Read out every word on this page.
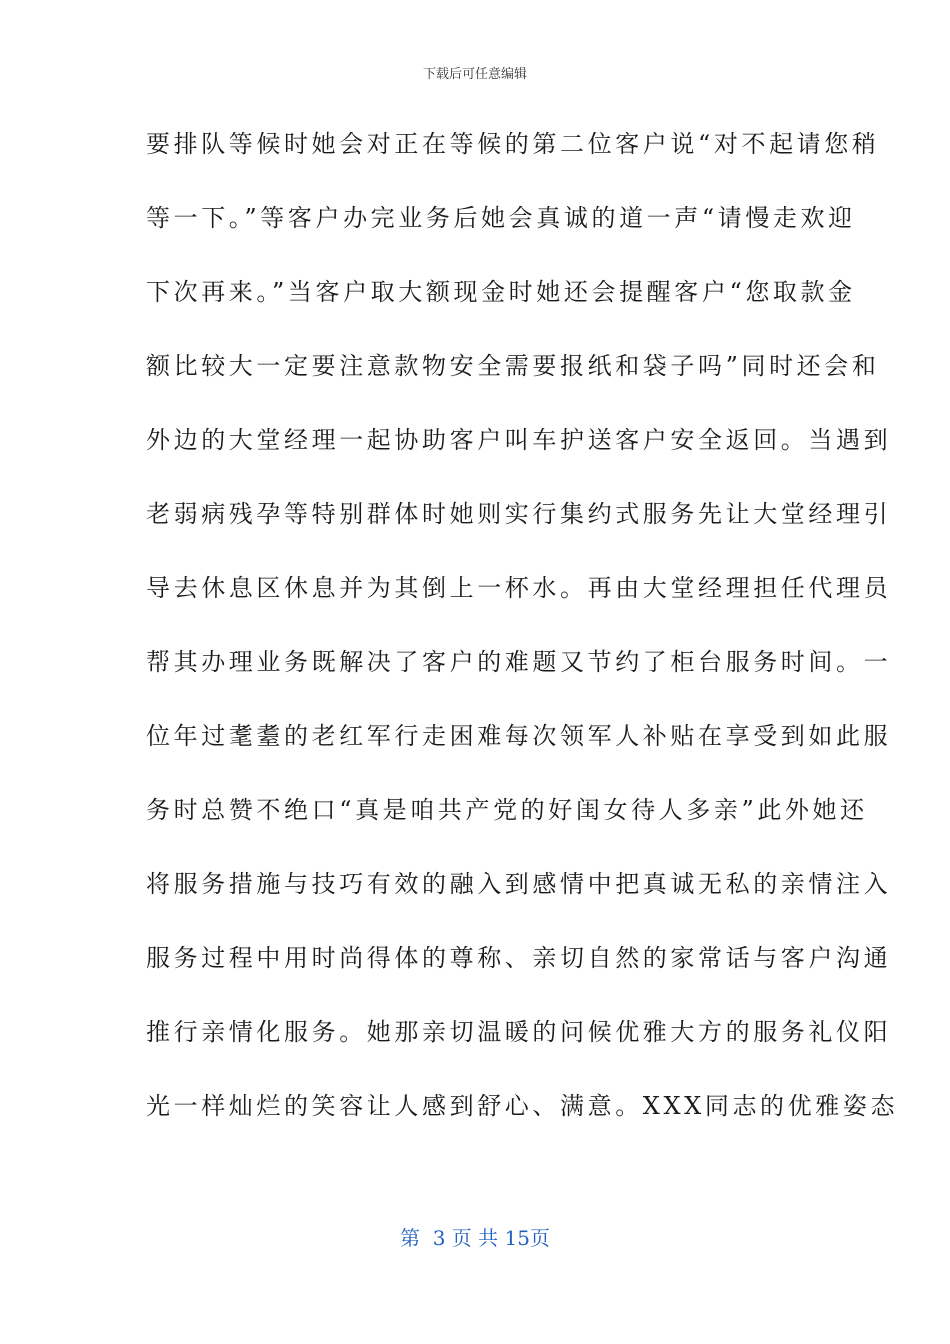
下载后可任意编辑
要排队等候时她会对正在等候的第二位客户说“对不起请您稍
等一下。”等客户办完业务后她会真诚的道一声“请慢走欢迎
下次再来。”当客户取大额现金时她还会提醒客户“您取款金
额比较大一定要注意款物安全需要报纸和袋子吗”同时还会和
外边的大堂经理一起协助客户叫车护送客户安全返回。当遇到
老弱病残孕等特别群体时她则实行集约式服务先让大堂经理引
导去休息区休息并为其倒上一杯水。再由大堂经理担任代理员
帮其办理业务既解决了客户的难题又节约了柜台服务时间。一
位年过耄耋的老红军行走困难每次领军人补贴在享受到如此服
务时总赞不绝口“真是咱共产党的好闺女待人多亲”此外她还
将服务措施与技巧有效的融入到感情中把真诚无私的亲情注入
服务过程中用时尚得体的尊称、亲切自然的家常话与客户沟通
推行亲情化服务。她那亲切温暖的问候优雅大方的服务礼仪阳
光一样灿烂的笑容让人感到舒心、满意。XXX同志的优雅姿态
第  3 页 共 15页
